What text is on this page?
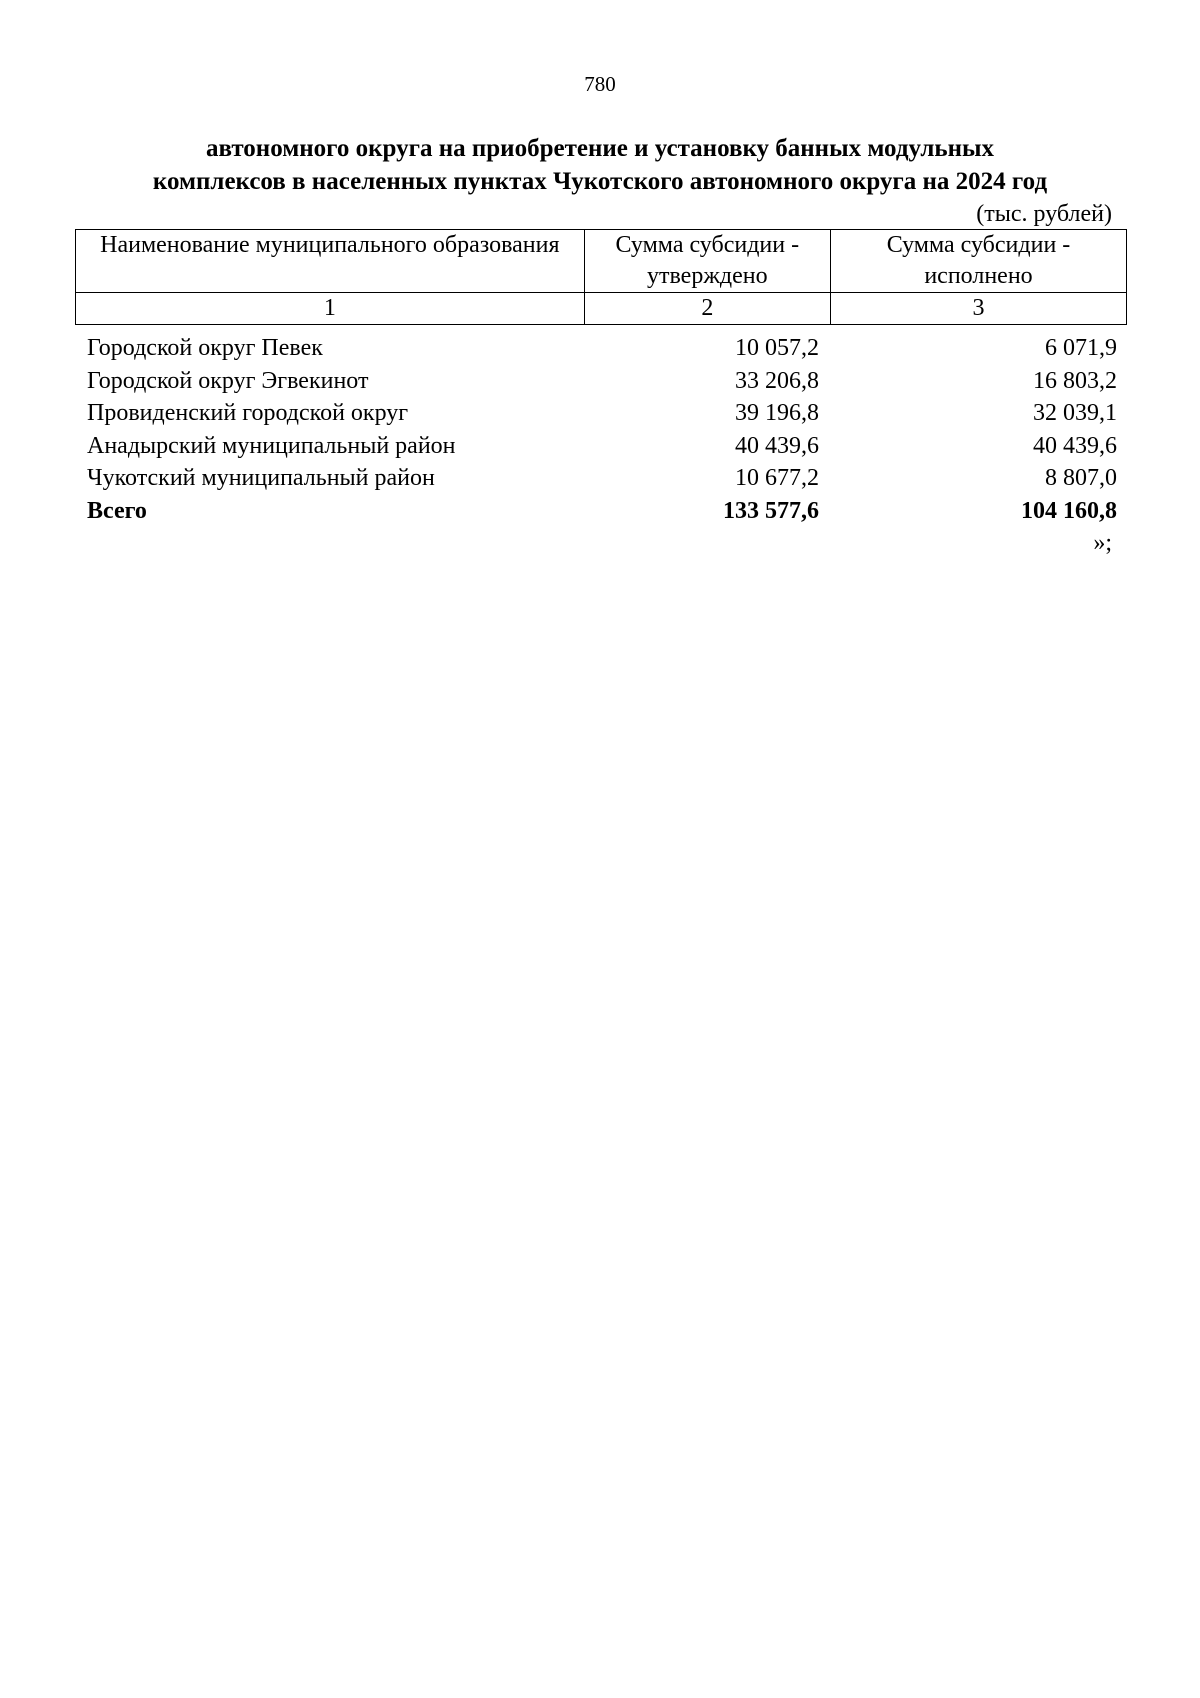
780
автономного округа на приобретение и установку банных модульных
комплексов в населенных пунктах Чукотского автономного округа на 2024 год
(тыс. рублей)
Наименование муниципального образования	Сумма субсидии - утверждено	Сумма субсидии - исполнено
1	2	3
Городской округ Певек	10 057,2	6 071,9
Городской округ Эгвекинот	33 206,8	16 803,2
Провиденский городской округ	39 196,8	32 039,1
Анадырский муниципальный район	40 439,6	40 439,6
Чукотский муниципальный район	10 677,2	8 807,0
Всего	133 577,6	104 160,8
»;
